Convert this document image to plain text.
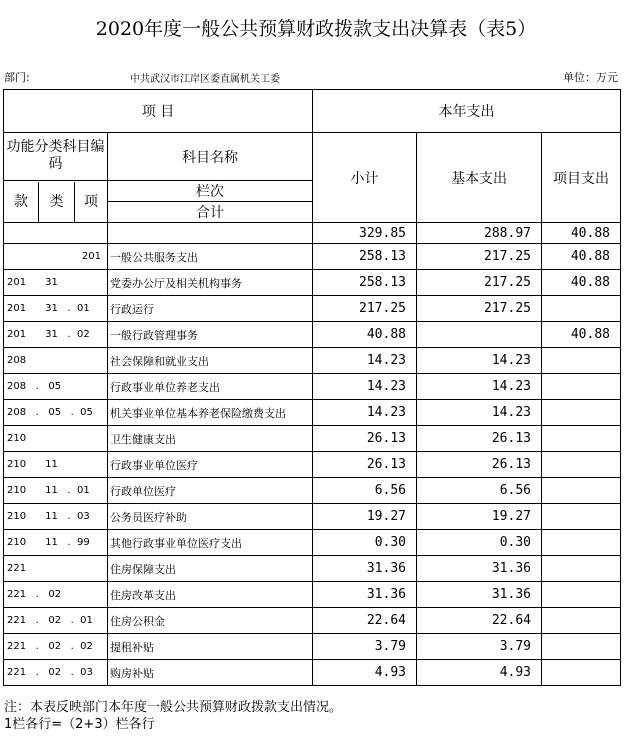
2020年度一般公共预算财政拨款支出决算表（表5）
部门:	中共武汉市江岸区委直属机关工委	单位：万元
项 目		本年支出		
功能分类科目编码	科目名称	小计	基本支出	项目支出

款 类 项	栏次			
	合计			
		329.85	288.97	40.88
201	一般公共服务支出	258.13	217.25	40.88
201      31	党委办公厅及相关机构事务	258.13	217.25	40.88
201      31   .  01	行政运行	217.25	217.25	
201      31   .  02	一般行政管理事务	40.88		40.88
208	社会保障和就业支出	14.23	14.23	
208   .   05	行政事业单位养老支出	14.23	14.23	
208   .   05   .  05	机关事业单位基本养老保险缴费支出	14.23	14.23	
210	卫生健康支出	26.13	26.13	
210      11	行政事业单位医疗	26.13	26.13	
210      11   .  01	行政单位医疗	6.56	6.56	
210      11   .  03	公务员医疗补助	19.27	19.27	
210      11   .  99	其他行政事业单位医疗支出	0.30	0.30	
221	住房保障支出	31.36	31.36	
221   .   02	住房改革支出	31.36	31.36	
221   .   02   .  01	住房公积金	22.64	22.64	
221   .   02   .  02	提租补贴	3.79	3.79	
221   .   02   .  03	购房补贴	4.93	4.93	
注：本表反映部门本年度一般公共预算财政拨款支出情况。
1栏各行=（2+3）栏各行
